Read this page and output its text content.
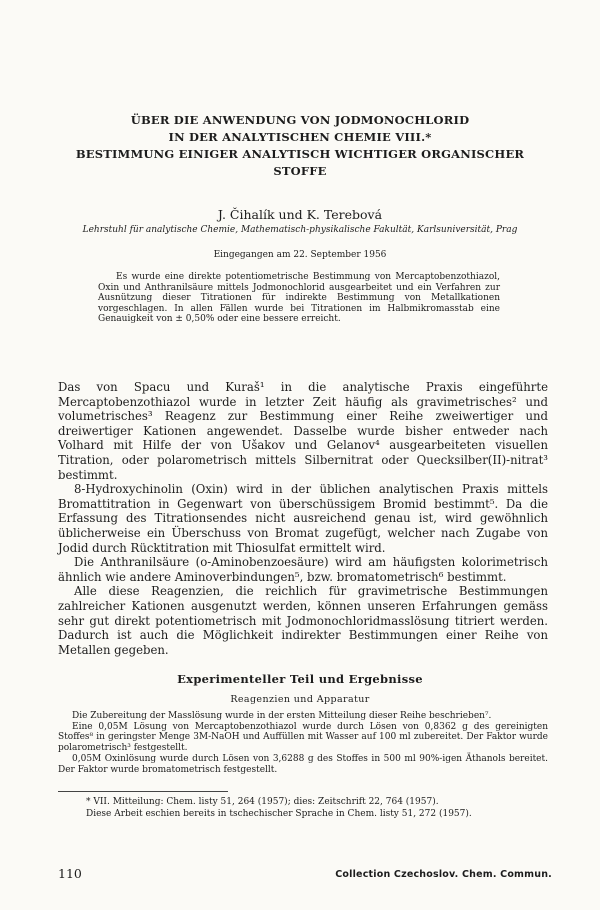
ÜBER DIE ANWENDUNG VON JODMONOCHLORID
IN DER ANALYTISCHEN CHEMIE VIII.*
BESTIMMUNG EINIGER ANALYTISCH WICHTIGER ORGANISCHER
STOFFE
J. Čihalík und K. Terebová
Lehrstuhl für analytische Chemie, Mathematisch-physikalische Fakultät, Karlsuniversität, Prag
Eingegangen am 22. September 1956

Es wurde eine direkte potentiometrische Bestimmung von Mercaptobenzothiazol, Oxin und Anthranilsäure mittels Jodmonochlorid ausgearbeitet und ein Verfahren zur Ausnützung dieser Titrationen für indirekte Bestimmung von Metallkationen vorgeschlagen. In allen Fällen wurde bei Titrationen im Halbmikromasstab eine Genauigkeit von ± 0,50% oder eine bessere erreicht.

Das von Spacu und Kuraš¹ in die analytische Praxis eingeführte Mercaptobenzothiazol wurde in letzter Zeit häufig als gravimetrisches² und volumetrisches³ Reagenz zur Bestimmung einer Reihe zweiwertiger und dreiwertiger Kationen angewendet. Dasselbe wurde bisher entweder nach Volhard mit Hilfe der von Ušakov und Gelanov⁴ ausgearbeiteten visuellen Titration, oder polarometrisch mittels Silbernitrat oder Quecksilber(II)-nitrat³ bestimmt.

8-Hydroxychinolin (Oxin) wird in der üblichen analytischen Praxis mittels Bromattitration in Gegenwart von überschüssigem Bromid bestimmt⁵. Da die Erfassung des Titrationsendes nicht ausreichend genau ist, wird gewöhnlich üblicherweise ein Überschuss von Bromat zugefügt, welcher nach Zugabe von Jodid durch Rücktitration mit Thiosulfat ermittelt wird.

Die Anthranilsäure (o-Aminobenzoesäure) wird am häufigsten kolorimetrisch ähnlich wie andere Aminoverbindungen⁵, bzw. bromatometrisch⁶ bestimmt.

Alle diese Reagenzien, die reichlich für gravimetrische Bestimmungen zahlreicher Kationen ausgenutzt werden, können unseren Erfahrungen gemäss sehr gut direkt potentiometrisch mit Jodmonochloridmasslösung titriert werden. Dadurch ist auch die Möglichkeit indirekter Bestimmungen einer Reihe von Metallen gegeben.

Experimenteller Teil und Ergebnisse
Reagenzien und Apparatur

Die Zubereitung der Masslösung wurde in der ersten Mitteilung dieser Reihe beschrieben⁷.

Eine 0,05M Lösung von Mercaptobenzothiazol wurde durch Lösen von 0,8362 g des gereinigten Stoffes⁸ in geringster Menge 3M-NaOH und Auffüllen mit Wasser auf 100 ml zubereitet. Der Faktor wurde polarometrisch³ festgestellt.

0,05M Oxinlösung wurde durch Lösen von 3,6288 g des Stoffes in 500 ml 90%-igen Äthanols bereitet. Der Faktor wurde bromatometrisch festgestellt.

* VII. Mitteilung: Chem. listy 51, 264 (1957); dies: Zeitschrift 22, 764 (1957).

Diese Arbeit eschien bereits in tschechischer Sprache in Chem. listy 51, 272 (1957).

110	Collection Czechoslov. Chem. Commun.
